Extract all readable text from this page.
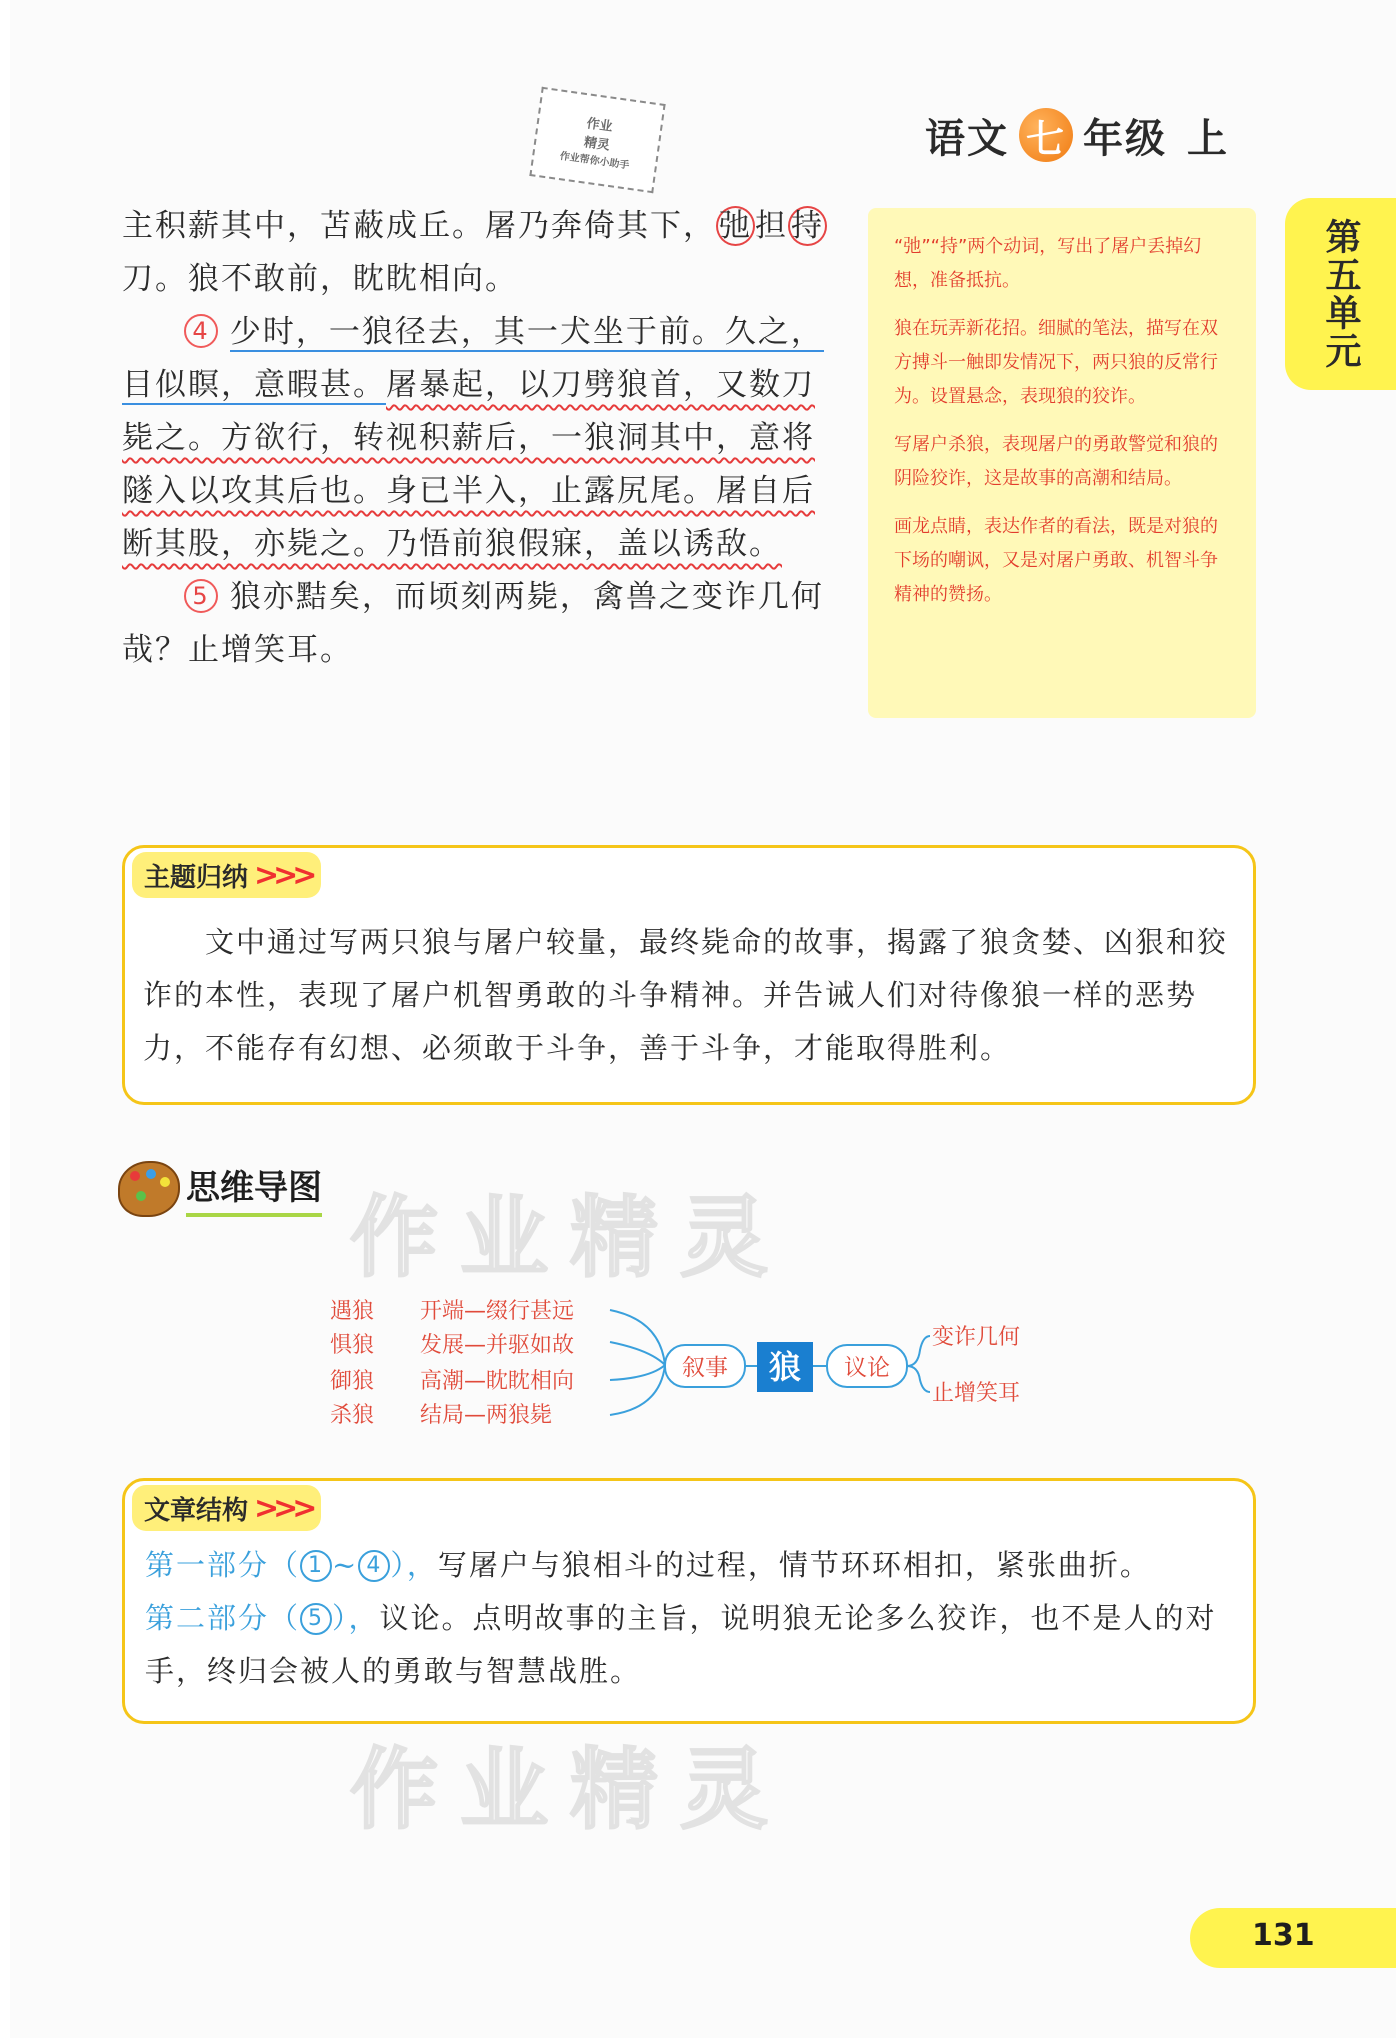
作业
精灵
作业帮你小助手	语文 七 年级 上
第五单元

主积薪其中，苫蔽成丘。屠乃奔倚其下，弛担持刀。狼不敢前，眈眈相向。

4 少时，一狼径去，其一犬坐于前。久之，目似瞑，意暇甚。屠暴起，以刀劈狼首，又数刀毙之。方欲行，转视积薪后，一狼洞其中，意将隧入以攻其后也。身已半入，止露尻尾。屠自后断其股，亦毙之。乃悟前狼假寐，盖以诱敌。

5 狼亦黠矣，而顷刻两毙，禽兽之变诈几何哉？止增笑耳。

“弛”“持”两个动词，写出了屠户丢掉幻想，准备抵抗。

狼在玩弄新花招。细腻的笔法，描写在双方搏斗一触即发情况下，两只狼的反常行为。设置悬念，表现狼的狡诈。

写屠户杀狼，表现屠户的勇敢警觉和狼的阴险狡诈，这是故事的高潮和结局。

画龙点睛，表达作者的看法，既是对狼的下场的嘲讽，又是对屠户勇敢、机智斗争精神的赞扬。

主题归纳 >>>
文中通过写两只狼与屠户较量，最终毙命的故事，揭露了狼贪婪、凶狠和狡诈的本性，表现了屠户机智勇敢的斗争精神。并告诫人们对待像狼一样的恶势力，不能存有幻想、必须敢于斗争，善于斗争，才能取得胜利。
思维导图 作业精灵
遇狼
惧狼
御狼
杀狼
开端—缀行甚远
发展—并驱如故
高潮—眈眈相向
结局—两狼毙
叙事 狼 议论
变诈几何
止增笑耳
文章结构 >>>
第一部分（ 1 ~ 4 ），写屠户与狼相斗的过程，情节环环相扣，紧张曲折。
第二部分（ 5 ），议论。点明故事的主旨，说明狼无论多么狡诈，也不是人的对手，终归会被人的勇敢与智慧战胜。
作业精灵
131
